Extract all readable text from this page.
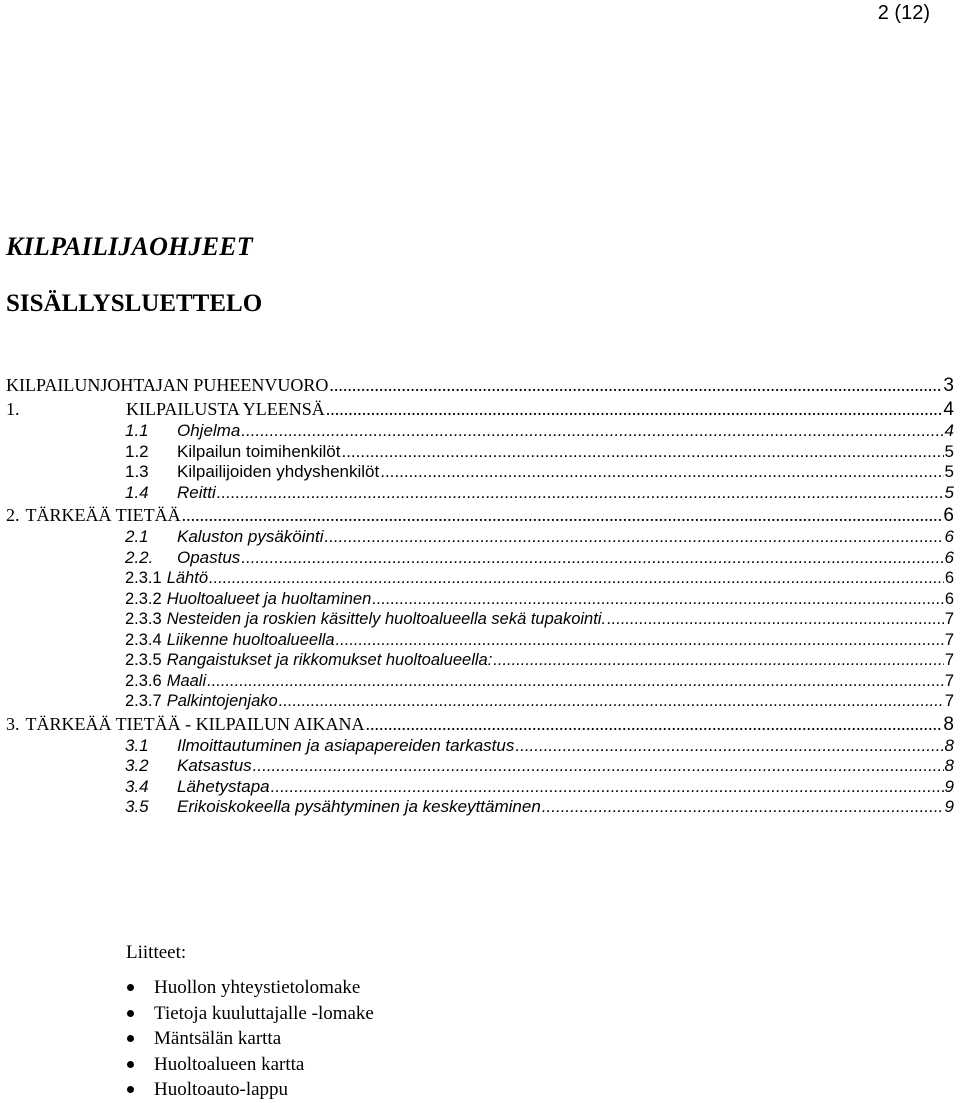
2 (12)
KILPAILIJAOHJEET
SISÄLLYSLUETTELO
KILPAILUNJOHTAJAN PUHEENVUORO .....	3
1.	KILPAILUSTA YLEENSÄ .....	4
1.1	Ohjelma .....	4
1.2	Kilpailun toimihenkilöt .....	5
1.3	Kilpailijoiden yhdyshenkilöt .....	5
1.4	Reitti .....	5
2. TÄRKEÄÄ TIETÄÄ .....	6
2.1	Kaluston pysäköinti .....	6
2.2.	Opastus .....	6
2.3.1 Lähtö .....	6
2.3.2 Huoltoalueet ja huoltaminen .....	6
2.3.3 Nesteiden ja roskien käsittely huoltoalueella sekä tupakointi. .....	7
2.3.4 Liikenne huoltoalueella .....	7
2.3.5 Rangaistukset ja rikkomukset huoltoalueella: .....	7
2.3.6 Maali .....	7
2.3.7 Palkintojenjako .....	7
3. TÄRKEÄÄ TIETÄÄ - KILPAILUN AIKANA .....	8
3.1	Ilmoittautuminen ja asiapapereiden tarkastus .....	8
3.2	Katsastus .....	8
3.4	Lähetystapa .....	9
3.5	Erikoiskokeella pysähtyminen ja keskeyttäminen .....	9
Liitteet:
Huollon yhteystietolomake
Tietoja kuuluttajalle -lomake
Mäntsälän kartta
Huoltoalueen kartta
Huoltoauto-lappu
